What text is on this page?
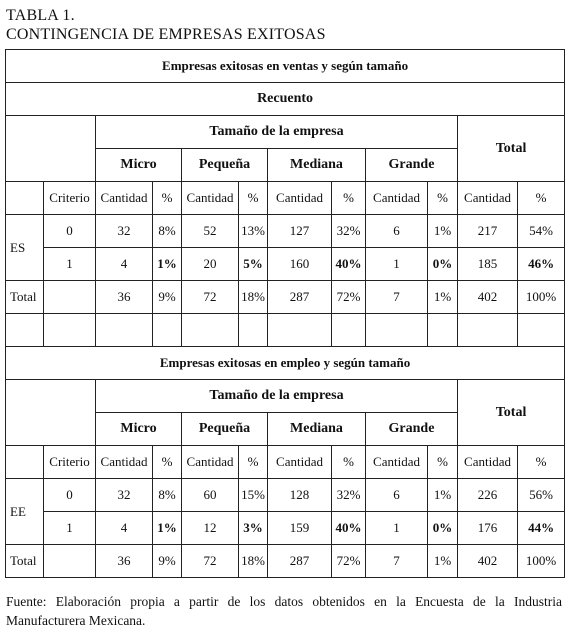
TABLA 1.
CONTINGENCIA DE EMPRESAS EXITOSAS
Empresas exitosas en ventas y según tamaño											
Recuento											
		Tamaño de la empresa								Total	
		Micro		Pequeña		Mediana		Grande			
	Criterio	Cantidad	%	Cantidad	%	Cantidad	%	Cantidad	%	Cantidad	%
ES	0	32	8%	52	13%	127	32%	6	1%	217	54%
	1	4	1%	20	5%	160	40%	1	0%	185	46%
Total		36	9%	72	18%	287	72%	7	1%	402	100%

Empresas exitosas en empleo y según tamaño											
		Tamaño de la empresa								Total	
		Micro		Pequeña		Mediana		Grande			
	Criterio	Cantidad	%	Cantidad	%	Cantidad	%	Cantidad	%	Cantidad	%
EE	0	32	8%	60	15%	128	32%	6	1%	226	56%
	1	4	1%	12	3%	159	40%	1	0%	176	44%
Total		36	9%	72	18%	287	72%	7	1%	402	100%
Fuente: Elaboración propia a partir de los datos obtenidos en la Encuesta de la Industria Manufacturera Mexicana.
